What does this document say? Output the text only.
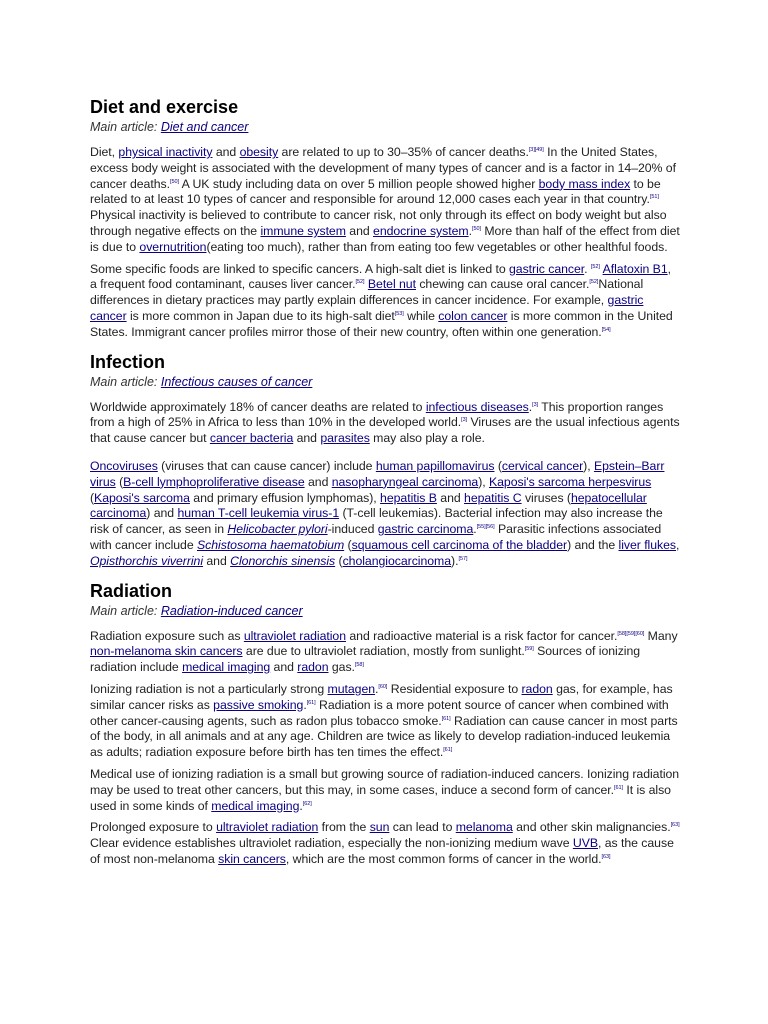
Diet and exercise
Main article: Diet and cancer

Diet, physical inactivity and obesity are related to up to 30–35% of cancer deaths.[3][49] In the United States, excess body weight is associated with the development of many types of cancer and is a factor in 14–20% of cancer deaths.[50] A UK study including data on over 5 million people showed higher body mass index to be related to at least 10 types of cancer and responsible for around 12,000 cases each year in that country.[51] Physical inactivity is believed to contribute to cancer risk, not only through its effect on body weight but also through negative effects on the immune system and endocrine system.[50] More than half of the effect from diet is due to overnutrition(eating too much), rather than from eating too few vegetables or other healthful foods.

Some specific foods are linked to specific cancers. A high-salt diet is linked to gastric cancer. [52] Aflatoxin B1, a frequent food contaminant, causes liver cancer.[52] Betel nut chewing can cause oral cancer.[52]National differences in dietary practices may partly explain differences in cancer incidence. For example, gastric cancer is more common in Japan due to its high-salt diet[53] while colon cancer is more common in the United States. Immigrant cancer profiles mirror those of their new country, often within one generation.[54]

Infection
Main article: Infectious causes of cancer

Worldwide approximately 18% of cancer deaths are related to infectious diseases.[3] This proportion ranges from a high of 25% in Africa to less than 10% in the developed world.[3] Viruses are the usual infectious agents that cause cancer but cancer bacteria and parasites may also play a role.

Oncoviruses (viruses that can cause cancer) include human papillomavirus (cervical cancer), Epstein–Barr virus (B-cell lymphoproliferative disease and nasopharyngeal carcinoma), Kaposi's sarcoma herpesvirus (Kaposi's sarcoma and primary effusion lymphomas), hepatitis B and hepatitis C viruses (hepatocellular carcinoma) and human T-cell leukemia virus-1 (T-cell leukemias). Bacterial infection may also increase the risk of cancer, as seen in Helicobacter pylori-induced gastric carcinoma.[55][56] Parasitic infections associated with cancer include Schistosoma haematobium (squamous cell carcinoma of the bladder) and the liver flukes, Opisthorchis viverrini and Clonorchis sinensis (cholangiocarcinoma).[57]

Radiation
Main article: Radiation-induced cancer

Radiation exposure such as ultraviolet radiation and radioactive material is a risk factor for cancer.[58][59][60] Many non-melanoma skin cancers are due to ultraviolet radiation, mostly from sunlight.[59] Sources of ionizing radiation include medical imaging and radon gas.[58]

Ionizing radiation is not a particularly strong mutagen.[60] Residential exposure to radon gas, for example, has similar cancer risks as passive smoking.[61] Radiation is a more potent source of cancer when combined with other cancer-causing agents, such as radon plus tobacco smoke.[61] Radiation can cause cancer in most parts of the body, in all animals and at any age. Children are twice as likely to develop radiation-induced leukemia as adults; radiation exposure before birth has ten times the effect.[61]

Medical use of ionizing radiation is a small but growing source of radiation-induced cancers. Ionizing radiation may be used to treat other cancers, but this may, in some cases, induce a second form of cancer.[61] It is also used in some kinds of medical imaging.[62]

Prolonged exposure to ultraviolet radiation from the sun can lead to melanoma and other skin malignancies.[63] Clear evidence establishes ultraviolet radiation, especially the non-ionizing medium wave UVB, as the cause of most non-melanoma skin cancers, which are the most common forms of cancer in the world.[63]
